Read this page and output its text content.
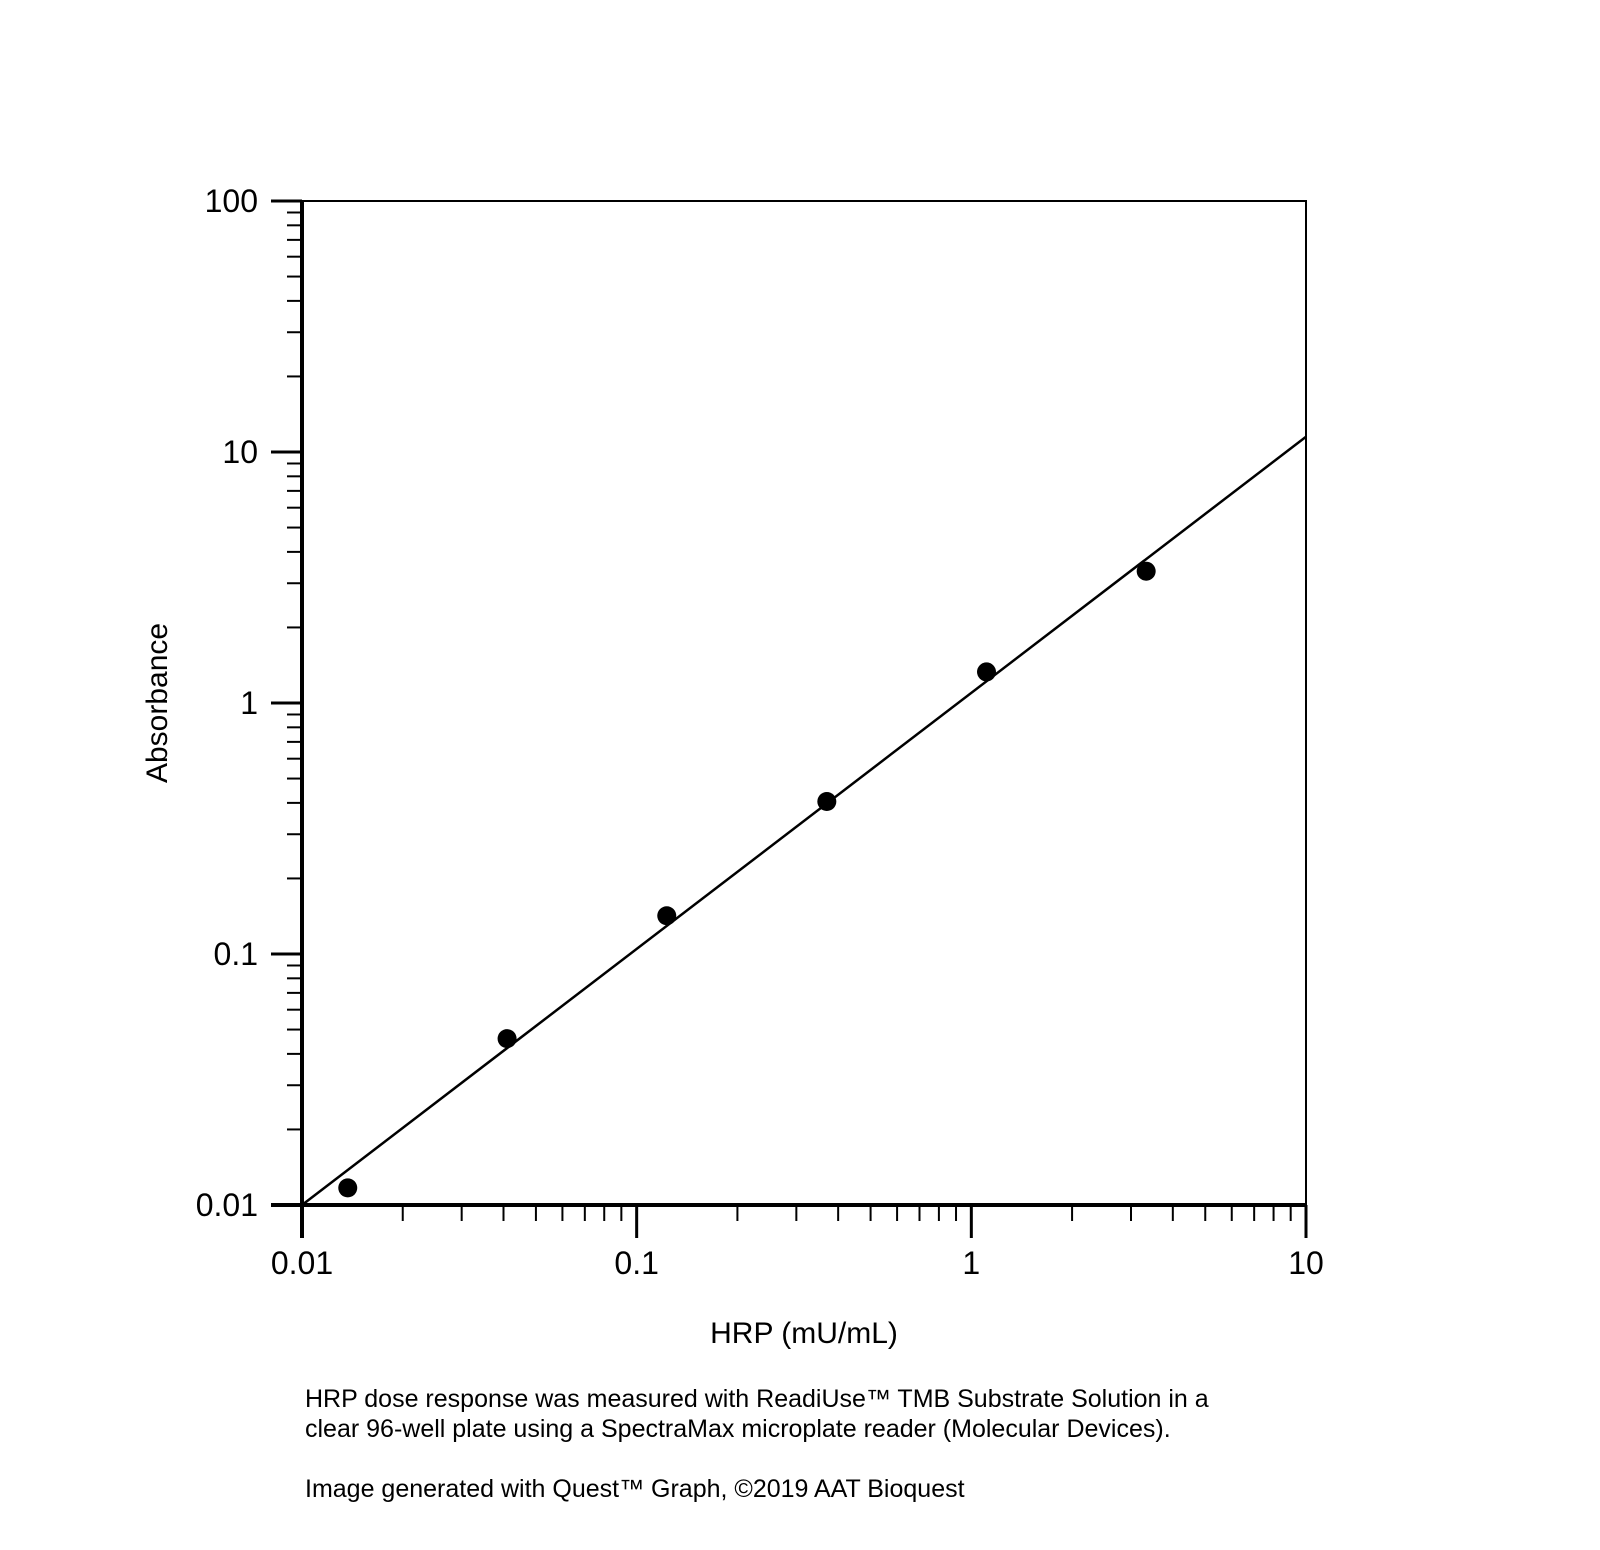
0.01
0.1
1
10
100
0.01	0.1	1	10
HRP (mU/mL)
Absorbance
HRP dose response was measured with ReadiUse™ TMB Substrate Solution in a
clear 96-well plate using a SpectraMax microplate reader (Molecular Devices).
Image generated with Quest™ Graph, ©2019 AAT Bioquest
